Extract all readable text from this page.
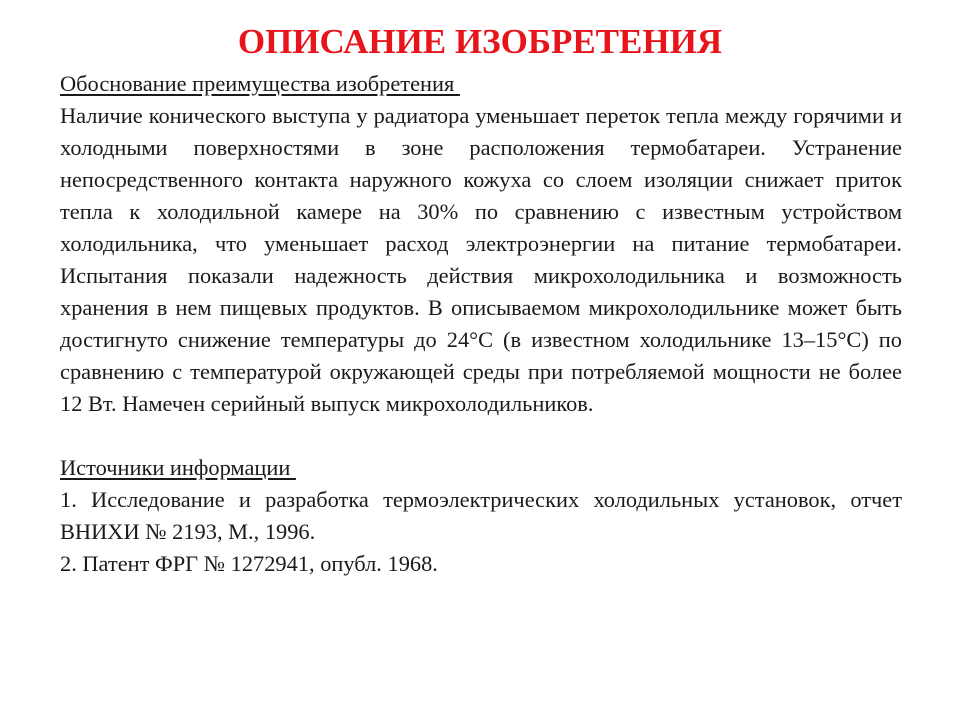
ОПИСАНИЕ ИЗОБРЕТЕНИЯ

Обоснование преимущества изобретения

Наличие конического выступа у радиатора уменьшает переток тепла между горячими и холодными поверхностями в зоне расположения термобатареи. Устранение непосредственного контакта наружного кожуха со слоем изоляции снижает приток тепла к холодильной камере на 30% по сравнению с известным устройством холодильника, что уменьшает расход электроэнергии на питание термобатареи. Испытания показали надежность действия микрохолодильника и возможность хранения в нем пищевых продуктов. В описываемом микрохолодильнике может быть достигнуто снижение температуры до 24°С (в известном холодильнике 13–15°С) по сравнению с температурой окружающей среды при потребляемой мощности не более 12 Вт. Намечен серийный выпуск микрохолодильников.

Источники информации

1. Исследование и разработка термоэлектрических холодильных установок, отчет ВНИХИ № 2193, М., 1996.

2. Патент ФРГ № 1272941, опубл. 1968.
